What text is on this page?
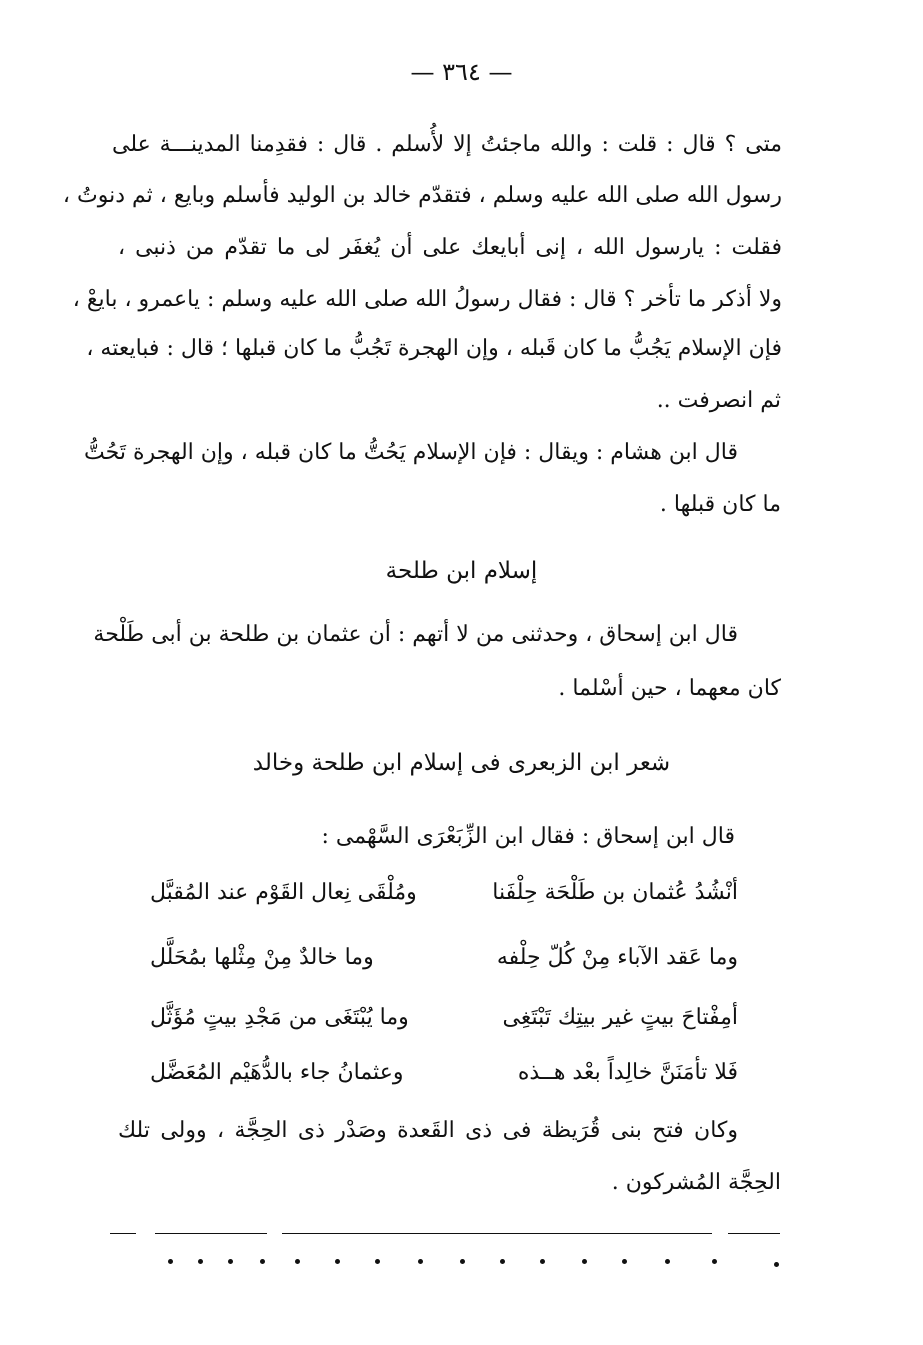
— ٣٦٤ —
متى ؟ قال : قلت : والله ماجئتُ إلا لأُسلم . قال : فقدِمنا المدينـــة على
رسول الله صلى الله عليه وسلم ، فتقدّم خالد بن الوليد فأسلم وبايع ، ثم دنوتُ ،
فقلت : يارسول الله ، إنى أبايعك على أن يُغفَر لى ما تقدّم من ذنبى ،
ولا أذكر ما تأخر ؟ قال : فقال رسولُ الله صلى الله عليه وسلم : ياعمرو ، بايعْ ،
فإن الإسلام يَجُبُّ ما كان قَبله ، وإن الهجرة تَجُبُّ ما كان قبلها ؛ قال : فبايعته ،
ثم انصرفت ..
قال ابن هشام : ويقال : فإن الإسلام يَحُتُّ ما كان قبله ، وإن الهجرة تَحُتُّ
ما كان قبلها .
إسلام ابن طلحة
قال ابن إسحاق ، وحدثنى من لا أتهم : أن عثمان بن طلحة بن أبى طَلْحة
كان معهما ، حين أسْلما .
شعر ابن الزبعرى فى إسلام ابن طلحة وخالد
قال ابن إسحاق : فقال ابن الزِّبَعْرَى السَّهْمى :
أنْشُدُ عُثمان بن طَلْحَة حِلْفَنا
ومُلْقَى نِعال القَوْم عند المُقبَّل
وما عَقد الآباء مِنْ كُلّ حِلْفه
وما خالدٌ مِنْ مِثْلها بمُحَلَّل
أمِفْتاحَ بيتٍ غير بيتِك تَبْتَغِى
وما يُبْتَغَى من مَجْدِ بيتٍ مُؤَثَّل
فَلا تأمَنَنَّ خالِداً بعْد هــذه
وعثمانُ جاء بالدُّهَيْم المُعَضَّل
وكان فتح بنى قُرَيظة فى ذى القَعدة وصَدْر ذى الحِجَّة ، وولى تلك
الحِجَّة المُشركون .
